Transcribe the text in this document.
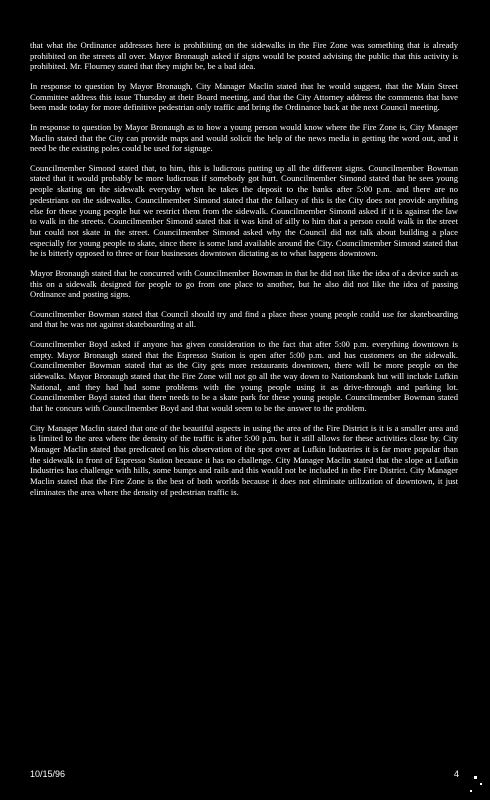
that what the Ordinance addresses here is prohibiting on the sidewalks in the Fire Zone was something that is already prohibited on the streets all over. Mayor Bronaugh asked if signs would be posted advising the public that this activity is prohibited. Mr. Flourney stated that they might be, be a bad idea.

In response to question by Mayor Bronaugh, City Manager Maclin stated that he would suggest, that the Main Street Committee address this issue Thursday at their Board meeting, and that the City Attorney address the comments that have been made today for more definitive pedestrian only traffic and bring the Ordinance back at the next Council meeting.

In response to question by Mayor Bronaugh as to how a young person would know where the Fire Zone is, City Manager Maclin stated that the City can provide maps and would solicit the help of the news media in getting the word out, and it need be the existing poles could be used for signage.

Councilmember Simond stated that, to him, this is ludicrous putting up all the different signs. Councilmember Bowman stated that it would probably be more ludicrous if somebody got hurt. Councilmember Simond stated that he sees young people skating on the sidewalk everyday when he takes the deposit to the banks after 5:00 p.m. and there are no pedestrians on the sidewalks. Councilmember Simond stated that the fallacy of this is the City does not provide anything else for these young people but we restrict them from the sidewalk. Councilmember Simond asked if it is against the law to walk in the streets. Councilmember Simond stated that it was kind of silly to him that a person could walk in the street but could not skate in the street. Councilmember Simond asked why the Council did not talk about building a place especially for young people to skate, since there is some land available around the City. Councilmember Simond stated that he is bitterly opposed to three or four businesses downtown dictating as to what happens downtown.

Mayor Bronaugh stated that he concurred with Councilmember Bowman in that he did not like the idea of a device such as this on a sidewalk designed for people to go from one place to another, but he also did not like the idea of passing Ordinance and posting signs.

Councilmember Bowman stated that Council should try and find a place these young people could use for skateboarding and that he was not against skateboarding at all.

Councilmember Boyd asked if anyone has given consideration to the fact that after 5:00 p.m. everything downtown is empty. Mayor Bronaugh stated that the Espresso Station is open after 5:00 p.m. and has customers on the sidewalk. Councilmember Bowman stated that as the City gets more restaurants downtown, there will be more people on the sidewalks. Mayor Bronaugh stated that the Fire Zone will not go all the way down to Nationsbank but will include Lufkin National, and they had had some problems with the young people using it as drive-through and parking lot. Councilmember Boyd stated that there needs to be a skate park for these young people. Councilmember Bowman stated that he concurs with Councilmember Boyd and that would seem to be the answer to the problem.

City Manager Maclin stated that one of the beautiful aspects in using the area of the Fire District is it is a smaller area and is limited to the area where the density of the traffic is after 5:00 p.m. but it still allows for these activities close by. City Manager Maclin stated that predicated on his observation of the spot over at Lufkin Industries it is far more popular than the sidewalk in front of Espresso Station because it has no challenge. City Manager Maclin stated that the slope at Lufkin Industries has challenge with hills, some bumps and rails and this would not be included in the Fire District. City Manager Maclin stated that the Fire Zone is the best of both worlds because it does not eliminate utilization of downtown, it just eliminates the area where the density of pedestrian traffic is.

10/15/96	4
